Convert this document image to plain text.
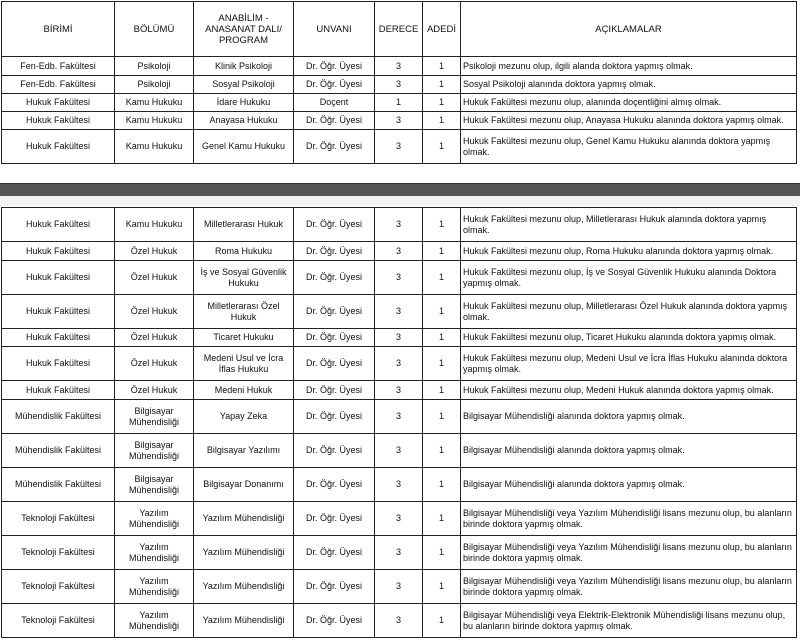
BİRİMİ	BÖLÜMÜ	ANABİLİM - ANASANAT DALI/ PROGRAM	UNVANI	DERECE	ADEDİ	AÇIKLAMALAR
Fen-Edb. Fakültesi	Psikoloji	Klinik Psikoloji	Dr. Öğr. Üyesi	3	1	Psikoloji mezunu olup, ilgili alanda doktora yapmış olmak.
Fen-Edb. Fakültesi	Psikoloji	Sosyal Psikoloji	Dr. Öğr. Üyesi	3	1	Sosyal Psikoloji alanında doktora yapmış olmak.
Hukuk Fakültesi	Kamu Hukuku	İdare Hukuku	Doçent	1	1	Hukuk Fakültesi mezunu olup, alanında doçentliğini almış olmak.
Hukuk Fakültesi	Kamu Hukuku	Anayasa Hukuku	Dr. Öğr. Üyesi	3	1	Hukuk Fakültesi mezunu olup, Anayasa Hukuku alanında doktora yapmış olmak.
Hukuk Fakültesi	Kamu Hukuku	Genel Kamu Hukuku	Dr. Öğr. Üyesi	3	1	Hukuk Fakültesi mezunu olup, Genel Kamu Hukuku alanında doktora yapmış olmak.
Hukuk Fakültesi	Kamu Hukuku	Milletlerarası Hukuk	Dr. Öğr. Üyesi	3	1	Hukuk Fakültesi mezunu olup, Milletlerarası Hukuk alanında doktora yapmış olmak.
Hukuk Fakültesi	Özel Hukuk	Roma Hukuku	Dr. Öğr. Üyesi	3	1	Hukuk Fakültesi mezunu olup, Roma Hukuku alanında doktora yapmış olmak.
Hukuk Fakültesi	Özel Hukuk	İş ve Sosyal Güvenlik Hukuku	Dr. Öğr. Üyesi	3	1	Hukuk Fakültesi mezunu olup, İş ve Sosyal Güvenlik Hukuku alanında Doktora yapmış olmak.
Hukuk Fakültesi	Özel Hukuk	Milletlerarası Özel Hukuk	Dr. Öğr. Üyesi	3	1	Hukuk Fakültesi mezunu olup, Milletlerarası Özel Hukuk alanında doktora yapmış olmak.
Hukuk Fakültesi	Özel Hukuk	Ticaret Hukuku	Dr. Öğr. Üyesi	3	1	Hukuk Fakültesi mezunu olup, Ticaret Hukuku alanında doktora yapmış olmak.
Hukuk Fakültesi	Özel Hukuk	Medeni Usul ve İcra İflas Hukuku	Dr. Öğr. Üyesi	3	1	Hukuk Fakültesi mezunu olup, Medeni Usul ve İcra İflas Hukuku alanında doktora yapmış olmak.
Hukuk Fakültesi	Özel Hukuk	Medeni Hukuk	Dr. Öğr. Üyesi	3	1	Hukuk Fakültesi mezunu olup, Medeni Hukuk alanında doktora yapmış olmak.
Mühendislik Fakültesi	Bilgisayar Mühendisliği	Yapay Zeka	Dr. Öğr. Üyesi	3	1	Bilgisayar Mühendisliği alanında doktora yapmış olmak.
Mühendislik Fakültesi	Bilgisayar Mühendisliği	Bilgisayar Yazılımı	Dr. Öğr. Üyesi	3	1	Bilgisayar Mühendisliği alanında doktora yapmış olmak.
Mühendislik Fakültesi	Bilgisayar Mühendisliği	Bilgisayar Donanımı	Dr. Öğr. Üyesi	3	1	Bilgisayar Mühendisliği alanında doktora yapmış olmak.
Teknoloji Fakültesi	Yazılım Mühendisliği	Yazılım Mühendisliği	Dr. Öğr. Üyesi	3	1	Bilgisayar Mühendisliği veya Yazılım Mühendisliği lisans mezunu olup, bu alanların birinde doktora yapmış olmak.
Teknoloji Fakültesi	Yazılım Mühendisliği	Yazılım Mühendisliği	Dr. Öğr. Üyesi	3	1	Bilgisayar Mühendisliği veya Yazılım Mühendisliği lisans mezunu olup, bu alanların birinde doktora yapmış olmak.
Teknoloji Fakültesi	Yazılım Mühendisliği	Yazılım Mühendisliği	Dr. Öğr. Üyesi	3	1	Bilgisayar Mühendisliği veya Yazılım Mühendisliği lisans mezunu olup, bu alanların birinde doktora yapmış olmak.
Teknoloji Fakültesi	Yazılım Mühendisliği	Yazılım Mühendisliği	Dr. Öğr. Üyesi	3	1	Bilgisayar Mühendisliği veya Elektrik-Elektronik Mühendisliği lisans mezunu olup, bu alanların birinde doktora yapmış olmak.
